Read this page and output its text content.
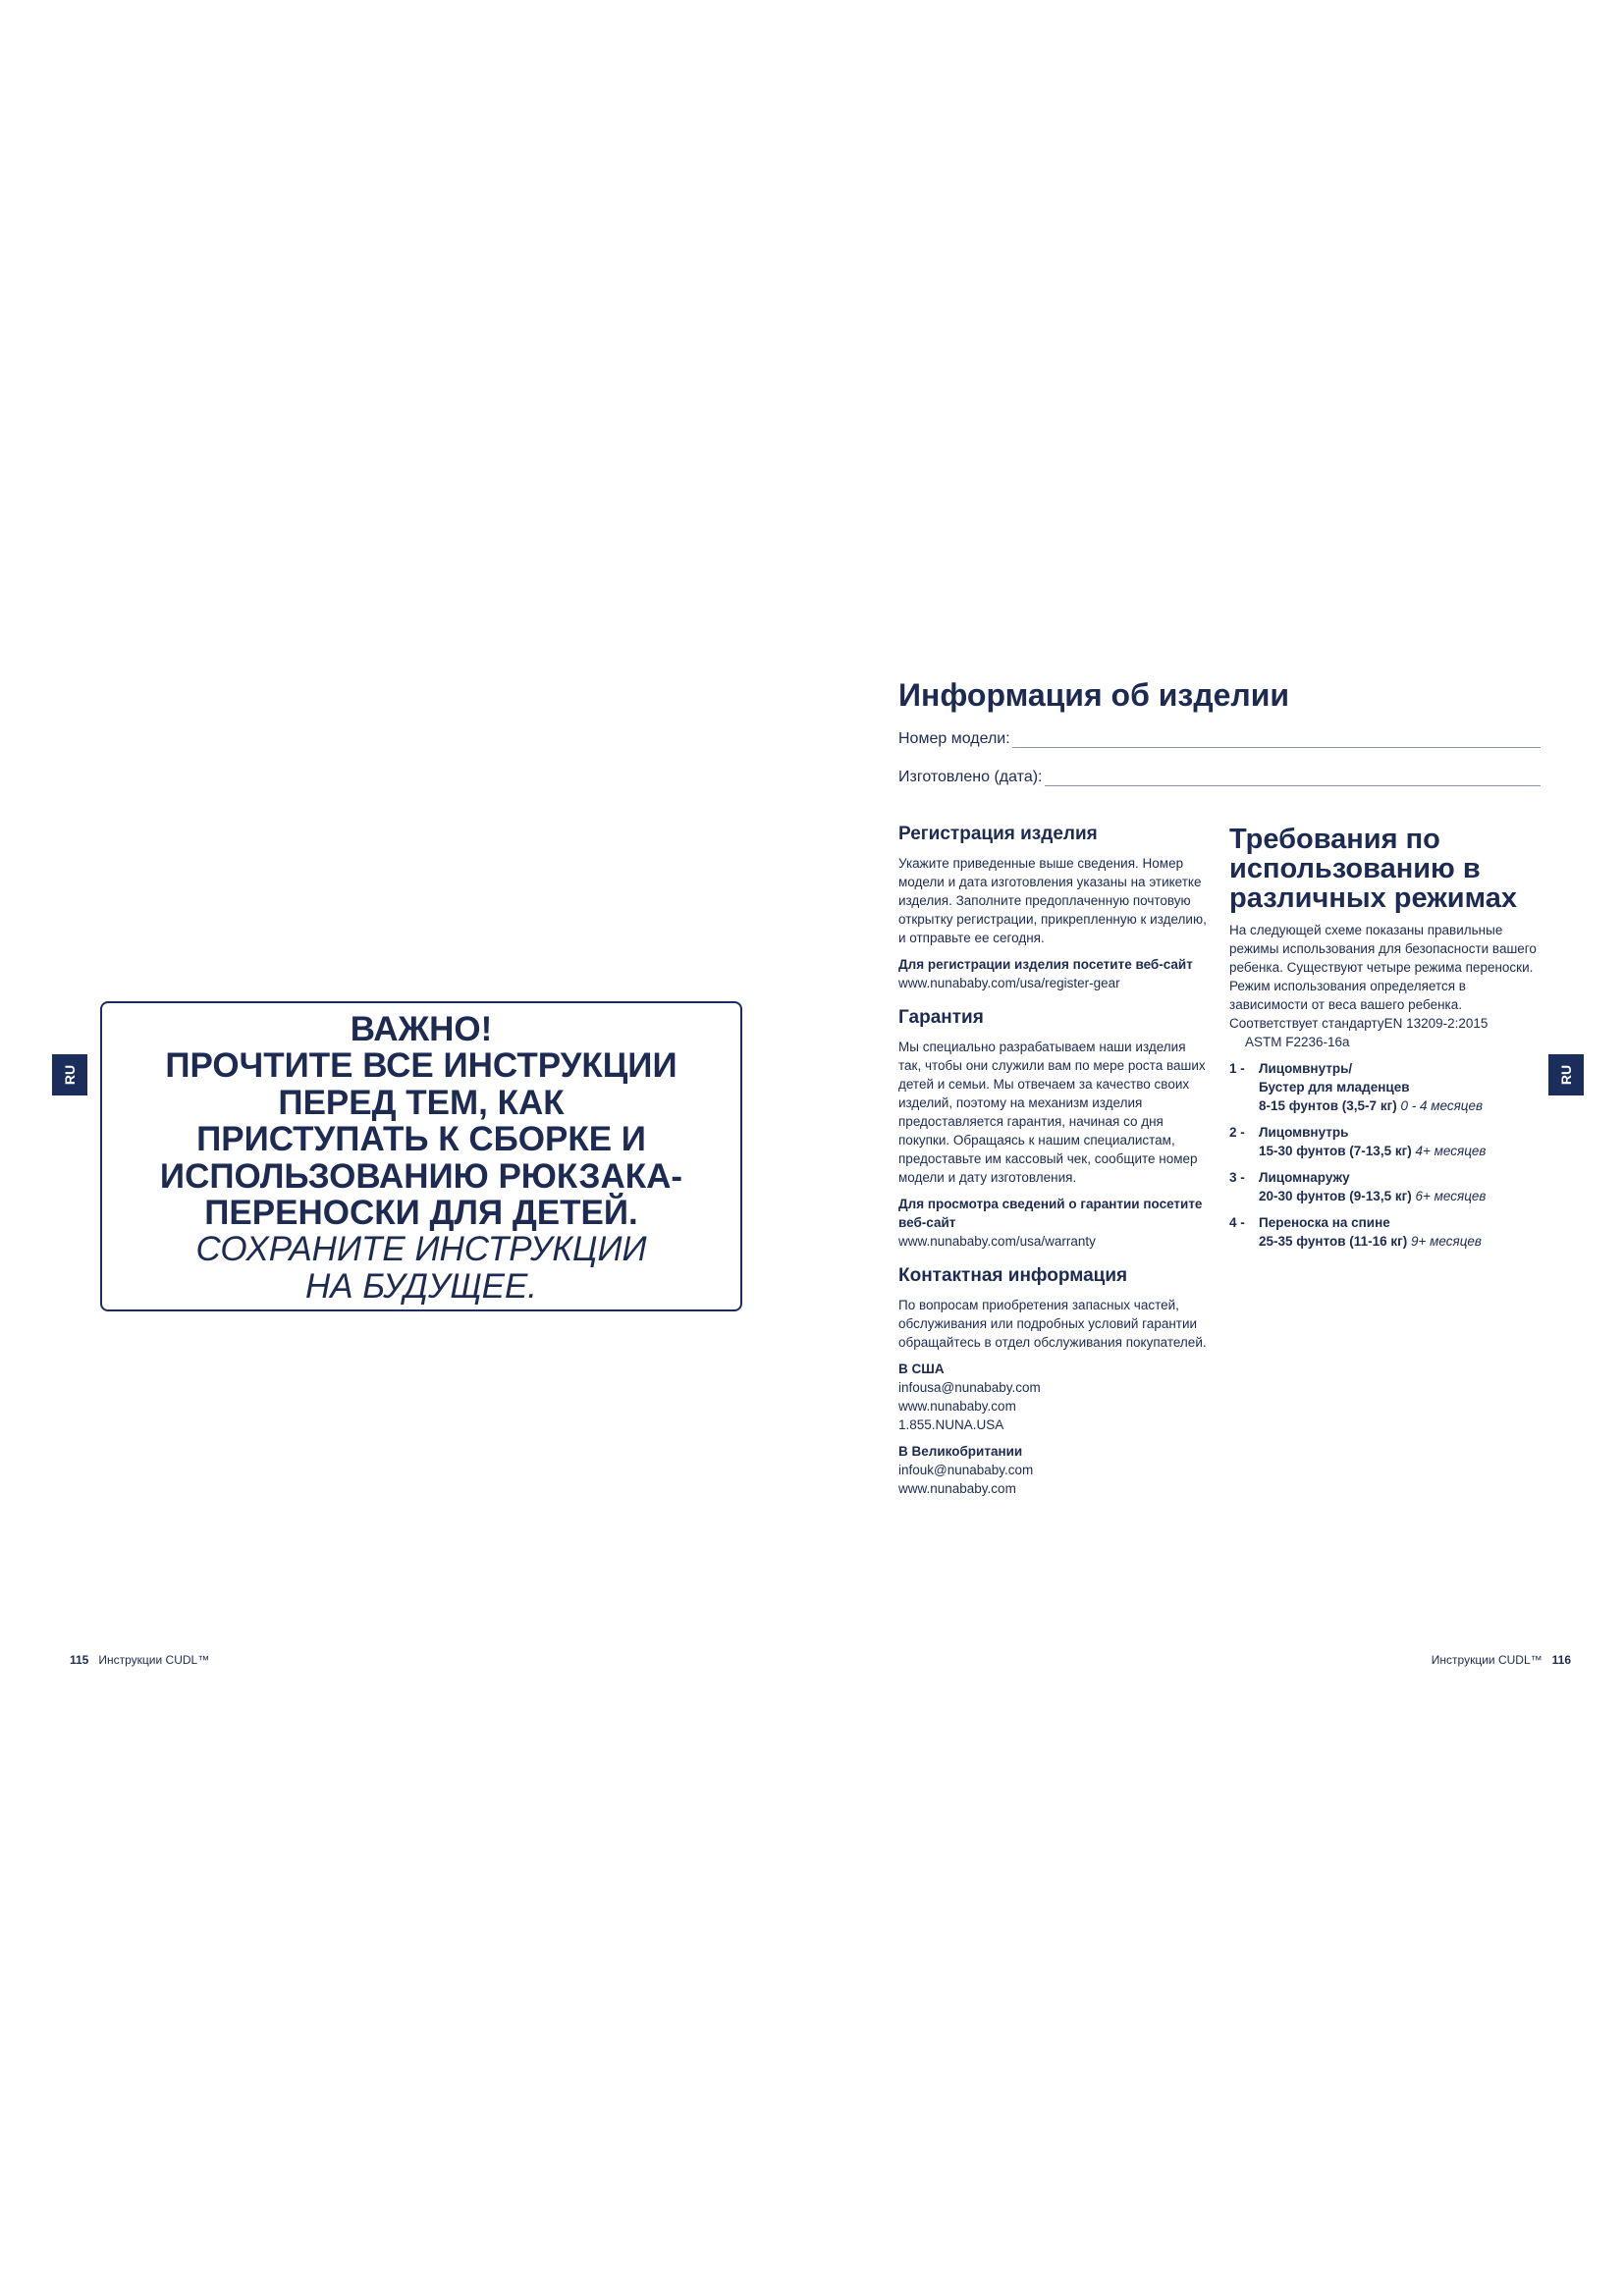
RU	RU
ВАЖНО!
ПРОЧТИТЕ ВСЕ ИНСТРУКЦИИ
ПЕРЕД ТЕМ, КАК
ПРИСТУПАТЬ К СБОРКЕ И
ИСПОЛЬЗОВАНИЮ РЮКЗАКА-
ПЕРЕНОСКИ ДЛЯ ДЕТЕЙ.
СОХРАНИТЕ ИНСТРУКЦИИ
НА БУДУЩЕЕ.
Информация об изделии
Номер модели:
Изготовлено (дата):

Регистрация изделия

Укажите приведенные выше сведения. Номер модели и дата изготовления указаны на этикетке изделия. Заполните предоплаченную почтовую открытку регистрации, прикрепленную к изделию, и отправьте ее сегодня.

Для регистрации изделия посетите веб-сайт

www.nunababy.com/usa/register-gear

Гарантия

Мы специально разрабатываем наши изделия так, чтобы они служили вам по мере роста ваших детей и семьи. Мы отвечаем за качество своих изделий, поэтому на механизм изделия предоставляется гарантия, начиная со дня покупки. Обращаясь к нашим специалистам, предоставьте им кассовый чек, сообщите номер модели и дату изготовления.

Для просмотра сведений о гарантии посетите веб-сайт

www.nunababy.com/usa/warranty

Контактная информация

По вопросам приобретения запасных частей, обслуживания или подробных условий гарантии обращайтесь в отдел обслуживания покупателей.

В США

infousa@nunababy.com

www.nunababy.com

1.855.NUNA.USA

В Великобритании

infouk@nunababy.com

www.nunababy.com

Требования по использованию в различных режимах

На следующей схеме показаны правильные режимы использования для безопасности вашего ребенка. Существуют четыре режима переноски. Режим использования определяется в зависимости от веса вашего ребенка.

Соответствует стандартуEN 13209-2:2015

ASTM F2236-16a

1 -	Лицомвнутрь/

Бустер для младенцев

8-15 фунтов (3,5-7 кг) 0 - 4 месяцев

2 -	Лицомвнутрь

15-30 фунтов (7-13,5 кг) 4+ месяцев

3 -	Лицомнаружу

20-30 фунтов (9-13,5 кг) 6+ месяцев

4 -	Переноска на спине

25-35 фунтов (11-16 кг) 9+ месяцев

115 Инструкции CUDL™	Инструкции CUDL™ 116
